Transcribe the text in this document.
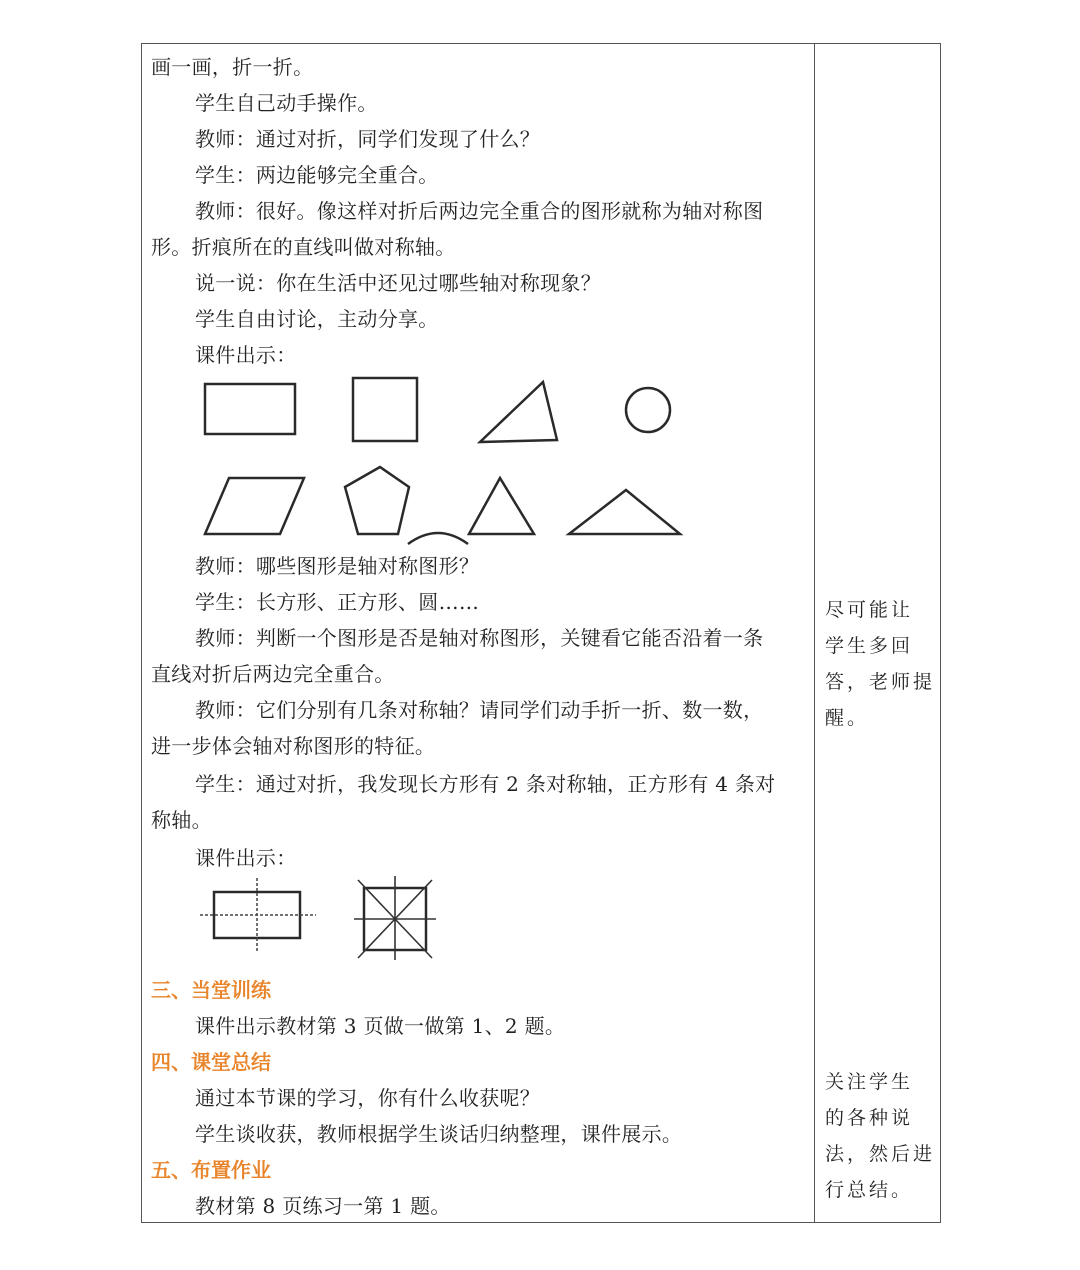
画一画，折一折。
学生自己动手操作。
教师：通过对折，同学们发现了什么？
学生：两边能够完全重合。
教师：很好。像这样对折后两边完全重合的图形就称为轴对称图
形。折痕所在的直线叫做对称轴。
说一说：你在生活中还见过哪些轴对称现象？
学生自由讨论，主动分享。
课件出示：
教师：哪些图形是轴对称图形？
学生：长方形、正方形、圆……
教师：判断一个图形是否是轴对称图形，关键看它能否沿着一条
直线对折后两边完全重合。
教师：它们分别有几条对称轴？请同学们动手折一折、数一数，
进一步体会轴对称图形的特征。
学生：通过对折，我发现长方形有 2 条对称轴，正方形有 4 条对
称轴。
课件出示：
三、当堂训练
课件出示教材第 3 页做一做第 1、2 题。
四、课堂总结
通过本节课的学习，你有什么收获呢？
学生谈收获，教师根据学生谈话归纳整理，课件展示。
五、布置作业
教材第 8 页练习一第 1 题。
尽可能让
学生多回
答，老师提
醒。
关注学生
的各种说
法，然后进
行总结。
